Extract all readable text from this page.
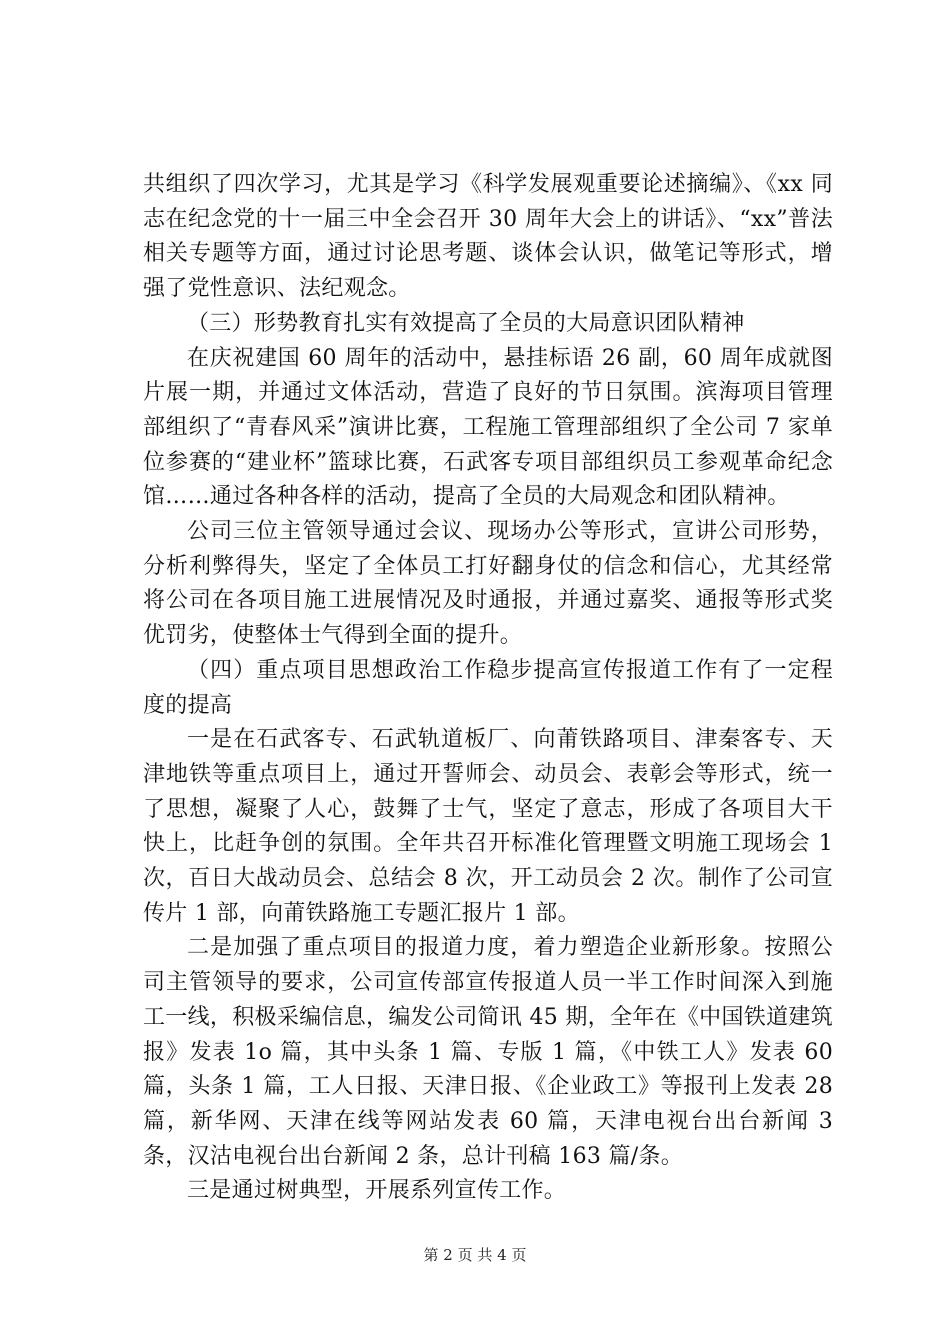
共组织了四次学习，尤其是学习《科学发展观重要论述摘编》、《xx 同志在纪念党的十一届三中全会召开 30 周年大会上的讲话》、“xx”普法相关专题等方面，通过讨论思考题、谈体会认识，做笔记等形式，增强了党性意识、法纪观念。

（三）形势教育扎实有效提高了全员的大局意识团队精神

在庆祝建国 60 周年的活动中，悬挂标语 26 副，60 周年成就图片展一期，并通过文体活动，营造了良好的节日氛围。滨海项目管理部组织了“青春风采”演讲比赛，工程施工管理部组织了全公司 7 家单位参赛的“建业杯”篮球比赛，石武客专项目部组织员工参观革命纪念馆……通过各种各样的活动，提高了全员的大局观念和团队精神。

公司三位主管领导通过会议、现场办公等形式，宣讲公司形势，分析利弊得失，坚定了全体员工打好翻身仗的信念和信心，尤其经常将公司在各项目施工进展情况及时通报，并通过嘉奖、通报等形式奖优罚劣，使整体士气得到全面的提升。

（四）重点项目思想政治工作稳步提高宣传报道工作有了一定程度的提高

一是在石武客专、石武轨道板厂、向莆铁路项目、津秦客专、天津地铁等重点项目上，通过开誓师会、动员会、表彰会等形式，统一了思想，凝聚了人心，鼓舞了士气，坚定了意志，形成了各项目大干快上，比赶争创的氛围。全年共召开标准化管理暨文明施工现场会 1 次，百日大战动员会、总结会 8 次，开工动员会 2 次。制作了公司宣传片 1 部，向莆铁路施工专题汇报片 1 部。

二是加强了重点项目的报道力度，着力塑造企业新形象。按照公司主管领导的要求，公司宣传部宣传报道人员一半工作时间深入到施工一线，积极采编信息，编发公司简讯 45 期，全年在《中国铁道建筑报》发表 1o 篇，其中头条 1 篇、专版 1 篇，《中铁工人》发表 60 篇，头条 1 篇，工人日报、天津日报、《企业政工》等报刊上发表 28 篇，新华网、天津在线等网站发表 60 篇，天津电视台出台新闻 3 条，汉沽电视台出台新闻 2 条，总计刊稿 163 篇/条。

三是通过树典型，开展系列宣传工作。

第 2 页 共 4 页
